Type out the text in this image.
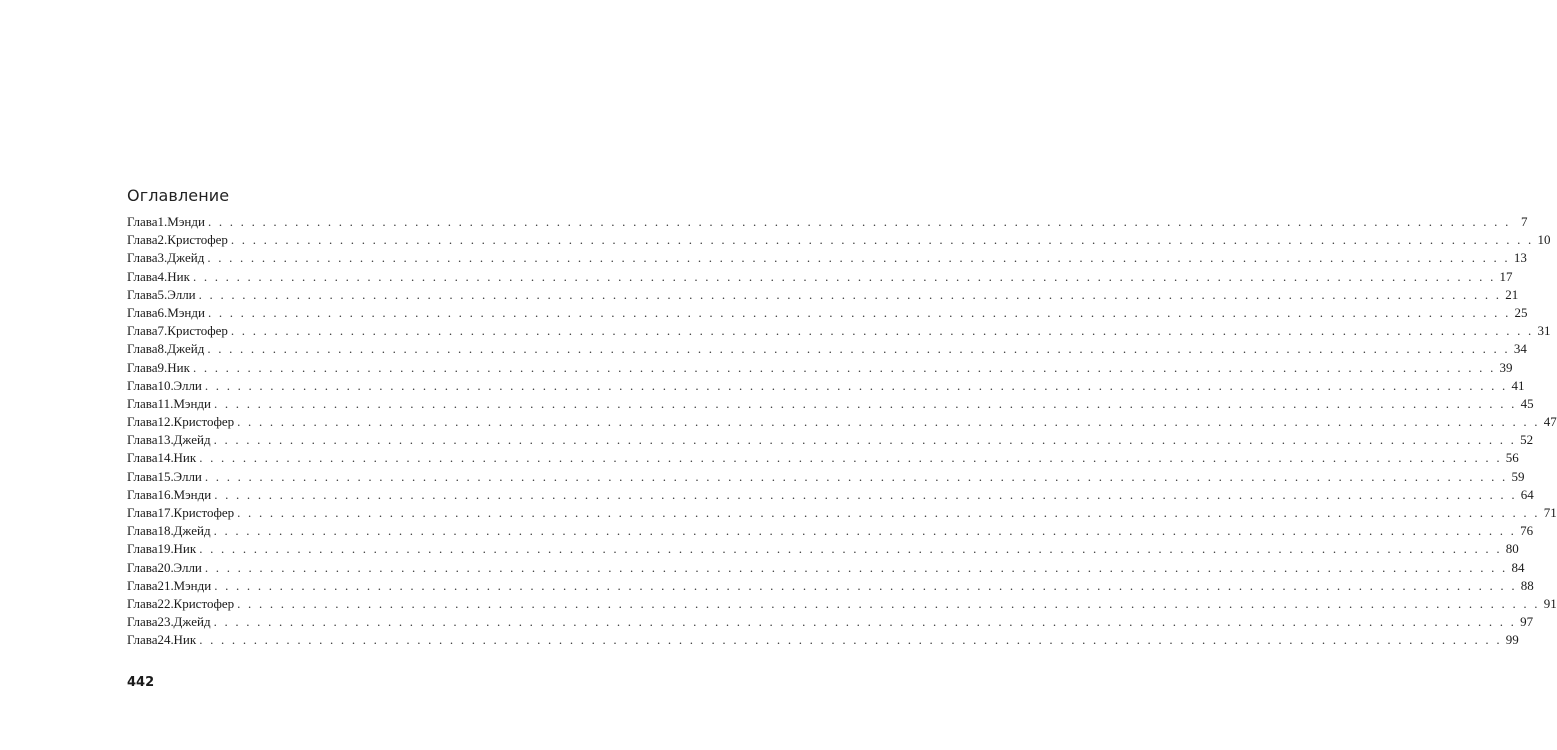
Оглавление
Глава 1. Мэнди . . . . . . . . . . . . . . . . . . . . . . . . . . . . . . . . . . . . . . . . . . . . . . . . . . . . . . . . . . . . . . . . . . . . . . . . . . . . . . . . . . . . . . . . . . . . . . . . . . . . . . . . . . . . . . . . . . . . . . . . 7
Глава 2. Кристофер . . . . . . . . . . . . . . . . . . . . . . . . . . . . . . . . . . . . . . . . . . . . . . . . . . . . . . . . . . . . . . . . . . . . . . . . . . . . . . . . . . . . . . . . . . . . . . . . . . . . . . . . . . . . . . . . . . . . . . . . 10
Глава 3. Джейд . . . . . . . . . . . . . . . . . . . . . . . . . . . . . . . . . . . . . . . . . . . . . . . . . . . . . . . . . . . . . . . . . . . . . . . . . . . . . . . . . . . . . . . . . . . . . . . . . . . . . . . . . . . . . . . . . . . . . . . . 13
Глава 4. Ник . . . . . . . . . . . . . . . . . . . . . . . . . . . . . . . . . . . . . . . . . . . . . . . . . . . . . . . . . . . . . . . . . . . . . . . . . . . . . . . . . . . . . . . . . . . . . . . . . . . . . . . . . . . . . . . . . . . . . . . . 17
Глава 5. Элли . . . . . . . . . . . . . . . . . . . . . . . . . . . . . . . . . . . . . . . . . . . . . . . . . . . . . . . . . . . . . . . . . . . . . . . . . . . . . . . . . . . . . . . . . . . . . . . . . . . . . . . . . . . . . . . . . . . . . . . . 21
Глава 6. Мэнди . . . . . . . . . . . . . . . . . . . . . . . . . . . . . . . . . . . . . . . . . . . . . . . . . . . . . . . . . . . . . . . . . . . . . . . . . . . . . . . . . . . . . . . . . . . . . . . . . . . . . . . . . . . . . . . . . . . . . . . . 25
Глава 7. Кристофер . . . . . . . . . . . . . . . . . . . . . . . . . . . . . . . . . . . . . . . . . . . . . . . . . . . . . . . . . . . . . . . . . . . . . . . . . . . . . . . . . . . . . . . . . . . . . . . . . . . . . . . . . . . . . . . . . . . . . . . . 31
Глава 8. Джейд . . . . . . . . . . . . . . . . . . . . . . . . . . . . . . . . . . . . . . . . . . . . . . . . . . . . . . . . . . . . . . . . . . . . . . . . . . . . . . . . . . . . . . . . . . . . . . . . . . . . . . . . . . . . . . . . . . . . . . . . 34
Глава 9. Ник . . . . . . . . . . . . . . . . . . . . . . . . . . . . . . . . . . . . . . . . . . . . . . . . . . . . . . . . . . . . . . . . . . . . . . . . . . . . . . . . . . . . . . . . . . . . . . . . . . . . . . . . . . . . . . . . . . . . . . . . 39
Глава 10. Элли . . . . . . . . . . . . . . . . . . . . . . . . . . . . . . . . . . . . . . . . . . . . . . . . . . . . . . . . . . . . . . . . . . . . . . . . . . . . . . . . . . . . . . . . . . . . . . . . . . . . . . . . . . . . . . . . . . . . . . . . 41
Глава 11. Мэнди . . . . . . . . . . . . . . . . . . . . . . . . . . . . . . . . . . . . . . . . . . . . . . . . . . . . . . . . . . . . . . . . . . . . . . . . . . . . . . . . . . . . . . . . . . . . . . . . . . . . . . . . . . . . . . . . . . . . . . . . 45
Глава 12. Кристофер . . . . . . . . . . . . . . . . . . . . . . . . . . . . . . . . . . . . . . . . . . . . . . . . . . . . . . . . . . . . . . . . . . . . . . . . . . . . . . . . . . . . . . . . . . . . . . . . . . . . . . . . . . . . . . . . . . . . . . . . 47
Глава 13. Джейд . . . . . . . . . . . . . . . . . . . . . . . . . . . . . . . . . . . . . . . . . . . . . . . . . . . . . . . . . . . . . . . . . . . . . . . . . . . . . . . . . . . . . . . . . . . . . . . . . . . . . . . . . . . . . . . . . . . . . . . . 52
Глава 14. Ник . . . . . . . . . . . . . . . . . . . . . . . . . . . . . . . . . . . . . . . . . . . . . . . . . . . . . . . . . . . . . . . . . . . . . . . . . . . . . . . . . . . . . . . . . . . . . . . . . . . . . . . . . . . . . . . . . . . . . . . . 56
Глава 15. Элли . . . . . . . . . . . . . . . . . . . . . . . . . . . . . . . . . . . . . . . . . . . . . . . . . . . . . . . . . . . . . . . . . . . . . . . . . . . . . . . . . . . . . . . . . . . . . . . . . . . . . . . . . . . . . . . . . . . . . . . . 59
Глава 16. Мэнди . . . . . . . . . . . . . . . . . . . . . . . . . . . . . . . . . . . . . . . . . . . . . . . . . . . . . . . . . . . . . . . . . . . . . . . . . . . . . . . . . . . . . . . . . . . . . . . . . . . . . . . . . . . . . . . . . . . . . . . . 64
Глава 17. Кристофер . . . . . . . . . . . . . . . . . . . . . . . . . . . . . . . . . . . . . . . . . . . . . . . . . . . . . . . . . . . . . . . . . . . . . . . . . . . . . . . . . . . . . . . . . . . . . . . . . . . . . . . . . . . . . . . . . . . . . . . . 71
Глава 18. Джейд . . . . . . . . . . . . . . . . . . . . . . . . . . . . . . . . . . . . . . . . . . . . . . . . . . . . . . . . . . . . . . . . . . . . . . . . . . . . . . . . . . . . . . . . . . . . . . . . . . . . . . . . . . . . . . . . . . . . . . . . 76
Глава 19. Ник . . . . . . . . . . . . . . . . . . . . . . . . . . . . . . . . . . . . . . . . . . . . . . . . . . . . . . . . . . . . . . . . . . . . . . . . . . . . . . . . . . . . . . . . . . . . . . . . . . . . . . . . . . . . . . . . . . . . . . . . 80
Глава 20. Элли . . . . . . . . . . . . . . . . . . . . . . . . . . . . . . . . . . . . . . . . . . . . . . . . . . . . . . . . . . . . . . . . . . . . . . . . . . . . . . . . . . . . . . . . . . . . . . . . . . . . . . . . . . . . . . . . . . . . . . . . 84
Глава 21. Мэнди . . . . . . . . . . . . . . . . . . . . . . . . . . . . . . . . . . . . . . . . . . . . . . . . . . . . . . . . . . . . . . . . . . . . . . . . . . . . . . . . . . . . . . . . . . . . . . . . . . . . . . . . . . . . . . . . . . . . . . . . 88
Глава 22. Кристофер . . . . . . . . . . . . . . . . . . . . . . . . . . . . . . . . . . . . . . . . . . . . . . . . . . . . . . . . . . . . . . . . . . . . . . . . . . . . . . . . . . . . . . . . . . . . . . . . . . . . . . . . . . . . . . . . . . . . . . . . 91
Глава 23. Джейд . . . . . . . . . . . . . . . . . . . . . . . . . . . . . . . . . . . . . . . . . . . . . . . . . . . . . . . . . . . . . . . . . . . . . . . . . . . . . . . . . . . . . . . . . . . . . . . . . . . . . . . . . . . . . . . . . . . . . . . . 97
Глава 24. Ник . . . . . . . . . . . . . . . . . . . . . . . . . . . . . . . . . . . . . . . . . . . . . . . . . . . . . . . . . . . . . . . . . . . . . . . . . . . . . . . . . . . . . . . . . . . . . . . . . . . . . . . . . . . . . . . . . . . . . . . . 99
442
